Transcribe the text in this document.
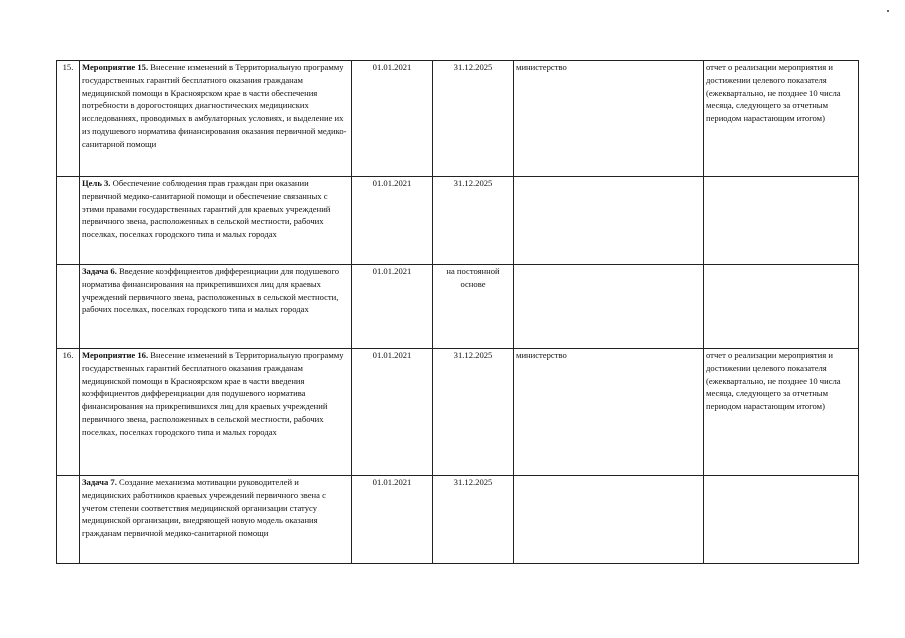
15.	Мероприятие 15. Внесение изменений в Территориальную программу государственных гарантий бесплатного оказания гражданам медицинской помощи в Красноярском крае в части обеспечения потребности в дорогостоящих диагностических медицинских исследованиях, проводимых в амбулаторных условиях, и выделение их из подушевого норматива финансирования оказания первичной медико-санитарной помощи	01.01.2021	31.12.2025	министерство	отчет о реализации мероприятия и достижении целевого показателя (ежеквартально, не позднее 10 числа месяца, следующего за отчетным периодом нарастающим итогом)
	Цель 3. Обеспечение соблюдения прав граждан при оказании первичной медико-санитарной помощи и обеспечение связанных с этими правами государственных гарантий для краевых учреждений первичного звена, расположенных в сельской местности, рабочих поселках, поселках городского типа и малых городах	01.01.2021	31.12.2025		
	Задача 6. Введение коэффициентов дифференциации для подушевого норматива финансирования на прикрепившихся лиц для краевых учреждений первичного звена, расположенных в сельской местности, рабочих поселках, поселках городского типа и малых городах	01.01.2021	на постоянной основе		
16.	Мероприятие 16. Внесение изменений в Территориальную программу государственных гарантий бесплатного оказания гражданам медицинской помощи в Красноярском крае в части введения коэффициентов дифференциации для подушевого норматива финансирования на прикрепившихся лиц для краевых учреждений первичного звена, расположенных в сельской местности, рабочих поселках, поселках городского типа и малых городах	01.01.2021	31.12.2025	министерство	отчет о реализации мероприятия и достижении целевого показателя (ежеквартально, не позднее 10 числа месяца, следующего за отчетным периодом нарастающим итогом)
	Задача 7. Создание механизма мотивации руководителей и медицинских работников краевых учреждений первичного звена с учетом степени соответствия медицинской организации статусу медицинской организации, внедряющей новую модель оказания гражданам первичной медико-санитарной помощи	01.01.2021	31.12.2025		
